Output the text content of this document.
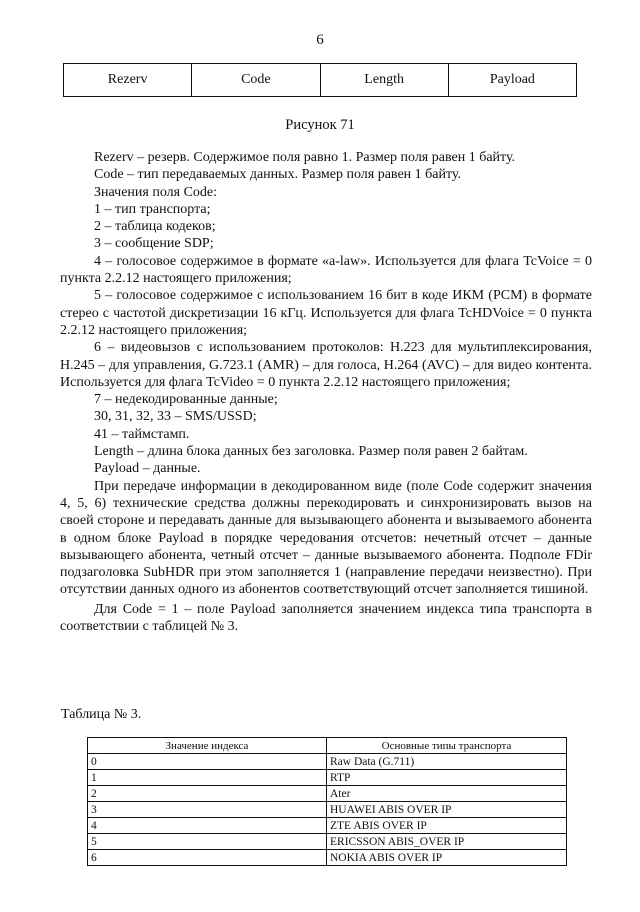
6
Rezerv	Code	Length	Payload
Рисунок 71

Rezerv – резерв. Содержимое поля равно 1. Размер поля равен 1 байту.

Code – тип передаваемых данных. Размер поля равен 1 байту.

Значения поля Code:

1 – тип транспорта;

2 – таблица кодеков;

3 – сообщение SDP;

4 – голосовое содержимое в формате «a-law». Используется для флага TcVoice = 0 пункта 2.2.12 настоящего приложения;

5 – голосовое содержимое с использованием 16 бит в коде ИКМ (PCM) в формате стерео с частотой дискретизации 16 кГц. Используется для флага TcHDVoice = 0 пункта 2.2.12 настоящего приложения;

6 – видеовызов с использованием протоколов: H.223 для мультиплексирования, H.245 – для управления, G.723.1 (AMR) – для голоса, H.264 (AVC) – для видео контента. Используется для флага TcVideo = 0 пункта 2.2.12 настоящего приложения;

7 – недекодированные данные;

30, 31, 32, 33 – SMS/USSD;

41 – таймстамп.

Length – длина блока данных без заголовка. Размер поля равен 2 байтам.

Payload – данные.

При передаче информации в декодированном виде (поле Code содержит значения 4, 5, 6) технические средства должны перекодировать и синхронизировать вызов на своей стороне и передавать данные для вызывающего абонента и вызываемого абонента в одном блоке Payload в порядке чередования отсчетов: нечетный отсчет – данные вызывающего абонента, четный отсчет – данные вызываемого абонента. Подполе FDir подзаголовка SubHDR при этом заполняется 1 (направление передачи неизвестно). При отсутствии данных одного из абонентов соответствующий отсчет заполняется тишиной.

Для Code = 1 – поле Payload заполняется значением индекса типа транспорта в соответствии с таблицей № 3.

Таблица № 3.
Значение индекса	Основные типы транспорта
0	Raw Data (G.711)
1	RTP
2	Ater
3	HUAWEI ABIS OVER IP
4	ZTE ABIS OVER IP
5	ERICSSON ABIS_OVER IP
6	NOKIA ABIS OVER IP
